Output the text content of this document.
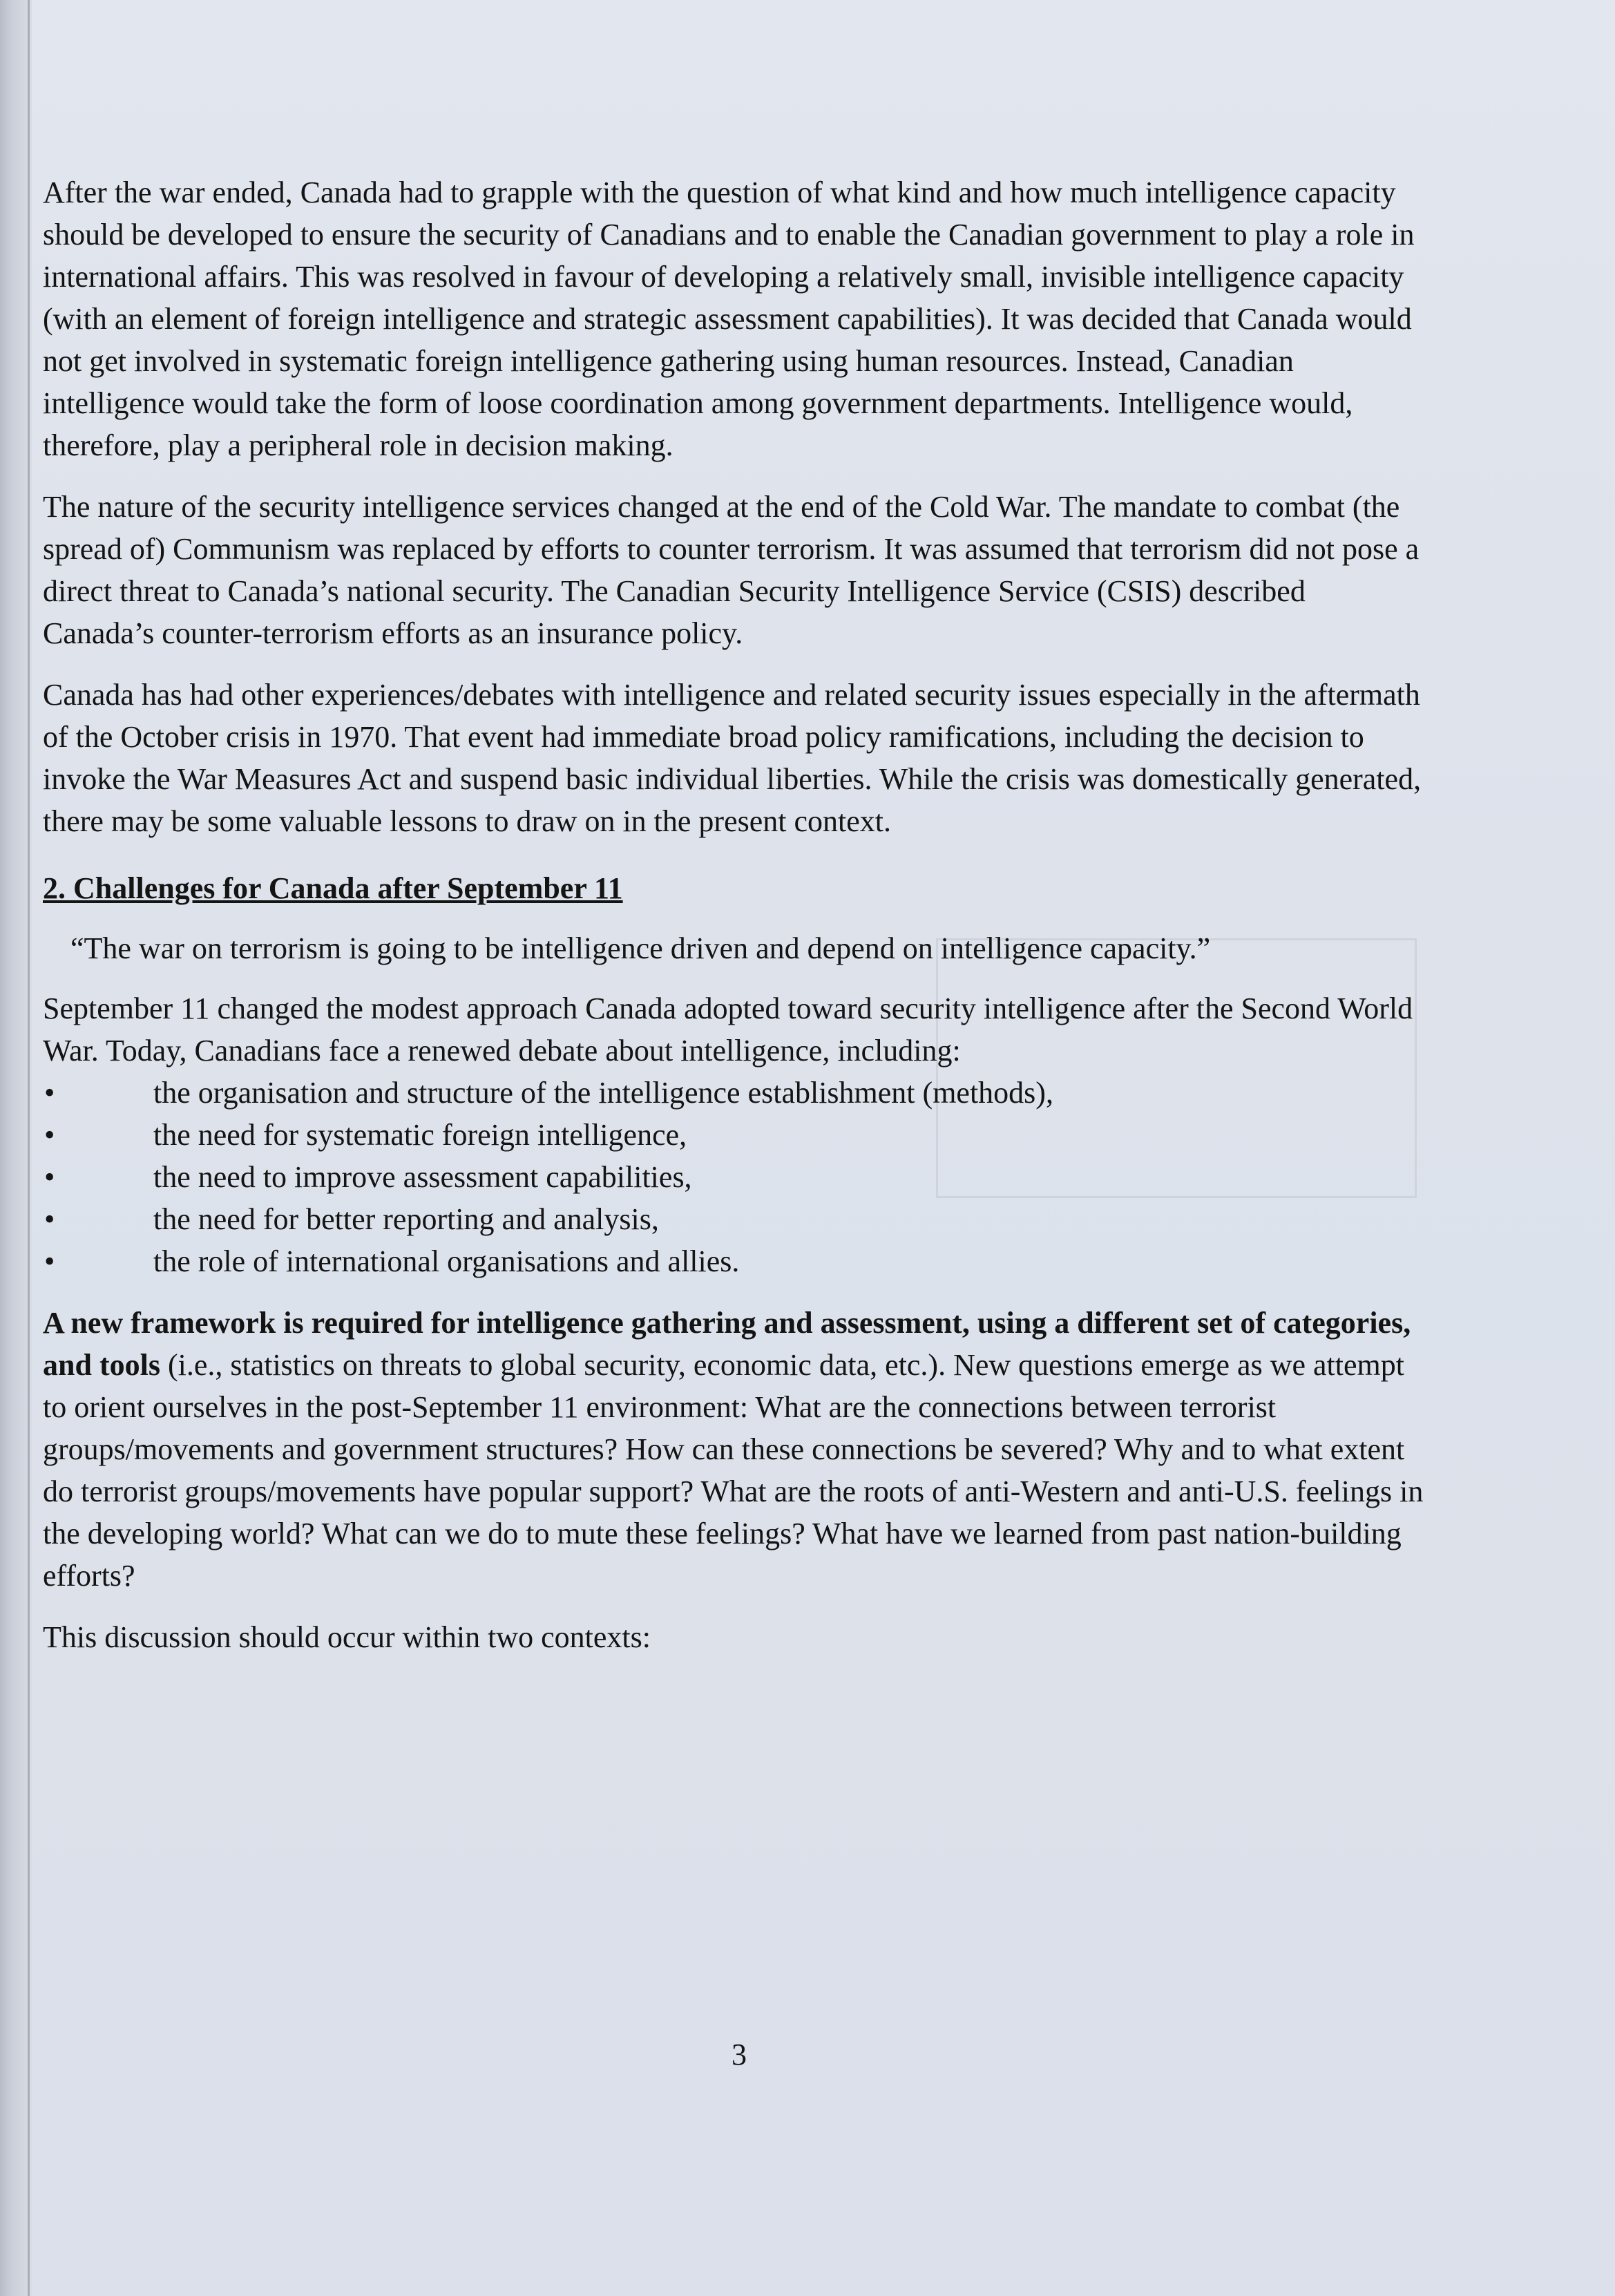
After the war ended, Canada had to grapple with the question of what kind and how much intelligence capacity should be developed to ensure the security of Canadians and to enable the Canadian government to play a role in international affairs. This was resolved in favour of developing a relatively small, invisible intelligence capacity (with an element of foreign intelligence and strategic assessment capabilities). It was decided that Canada would not get involved in systematic foreign intelligence gathering using human resources. Instead, Canadian intelligence would take the form of loose coordination among government departments. Intelligence would, therefore, play a peripheral role in decision making.

The nature of the security intelligence services changed at the end of the Cold War. The mandate to combat (the spread of) Communism was replaced by efforts to counter terrorism. It was assumed that terrorism did not pose a direct threat to Canada’s national security. The Canadian Security Intelligence Service (CSIS) described Canada’s counter-terrorism efforts as an insurance policy.

Canada has had other experiences/debates with intelligence and related security issues especially in the aftermath of the October crisis in 1970. That event had immediate broad policy ramifications, including the decision to invoke the War Measures Act and suspend basic individual liberties. While the crisis was domestically generated, there may be some valuable lessons to draw on in the present context.

2. Challenges for Canada after September 11

“The war on terrorism is going to be intelligence driven and depend on intelligence capacity.”

September 11 changed the modest approach Canada adopted toward security intelligence after the Second World War. Today, Canadians face a renewed debate about intelligence, including:

•	the organisation and structure of the intelligence establishment (methods),
•	the need for systematic foreign intelligence,
•	the need to improve assessment capabilities,
•	the need for better reporting and analysis,
•	the role of international organisations and allies.

A new framework is required for intelligence gathering and assessment, using a different set of categories, and tools (i.e., statistics on threats to global security, economic data, etc.). New questions emerge as we attempt to orient ourselves in the post-September 11 environment: What are the connections between terrorist groups/movements and government structures? How can these connections be severed? Why and to what extent do terrorist groups/movements have popular support? What are the roots of anti-Western and anti-U.S. feelings in the developing world? What can we do to mute these feelings? What have we learned from past nation-building efforts?

This discussion should occur within two contexts:

3
